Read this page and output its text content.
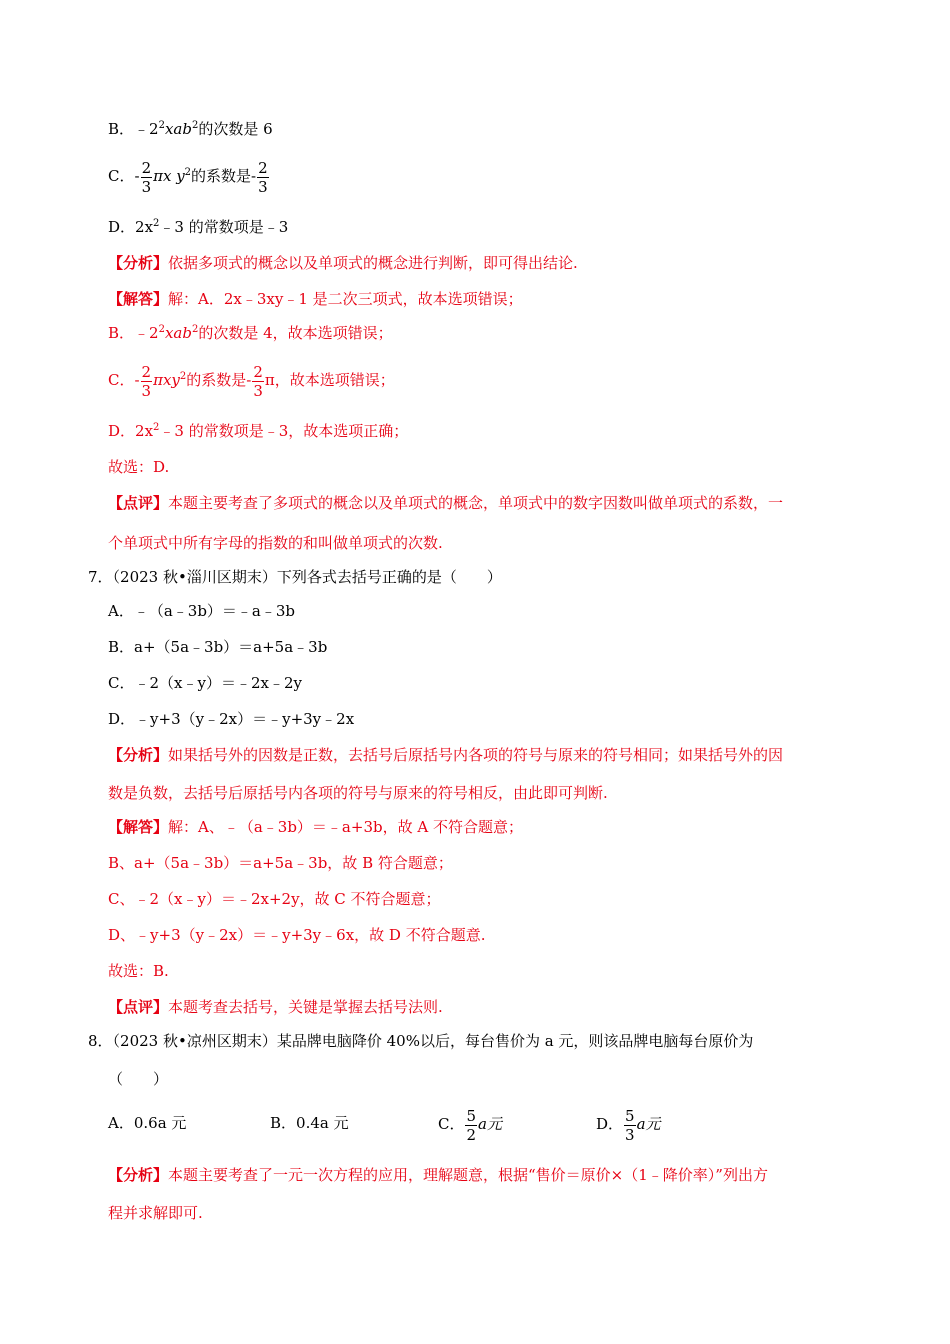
B．$﹣2^2xab^2$的次数是 6
C．- $\frac{2}{3}$ πx $y^2$的系数是- $\frac{2}{3}$
D．$2x^2﹣3$ 的常数项是﹣3
【分析】依据多项式的概念以及单项式的概念进行判断，即可得出结论.
【解答】解：A．2x﹣3xy﹣1 是二次三项式，故本选项错误；
B．$﹣2^2xab^2$的次数是 4，故本选项错误；
C．- $\frac{2}{3} \pi xy^2$的系数是- $\frac{2}{3}$ π，故本选项错误；
D．$2x^2﹣3$ 的常数项是﹣3，故本选项正确；
故选：D.
【点评】本题主要考查了多项式的概念以及单项式的概念，单项式中的数字因数叫做单项式的系数，一
个单项式中所有字母的指数的和叫做单项式的次数.
7．（2023 秋•淄川区期末）下列各式去括号正确的是（　　）
A．﹣（a﹣3b）＝﹣a﹣3b
B．a+（5a﹣3b）＝a+5a﹣3b
C．﹣2（x﹣y）＝﹣2x﹣2y
D．﹣y+3（y﹣2x）＝﹣y+3y﹣2x
【分析】如果括号外的因数是正数，去括号后原括号内各项的符号与原来的符号相同；如果括号外的因
数是负数，去括号后原括号内各项的符号与原来的符号相反，由此即可判断.
【解答】解：A、﹣（a﹣3b）＝﹣a+3b，故 A 不符合题意；
B、a+（5a﹣3b）＝a+5a﹣3b，故 B 符合题意；
C、﹣2（x﹣y）＝﹣2x+2y，故 C 不符合题意；
D、﹣y+3（y﹣2x）＝﹣y+3y﹣6x，故 D 不符合题意.
故选：B.
【点评】本题考查去括号，关键是掌握去括号法则.
8．（2023 秋•凉州区期末）某品牌电脑降价 40%以后，每台售价为 a 元，则该品牌电脑每台原价为
（　　）
A．0.6a 元	B．0.4a 元	C． $\frac{5}{2}$ a元	D． $\frac{5}{3}$ a元
【分析】本题主要考查了一元一次方程的应用，理解题意，根据“售价＝原价×（1﹣降价率）”列出方
程并求解即可.
